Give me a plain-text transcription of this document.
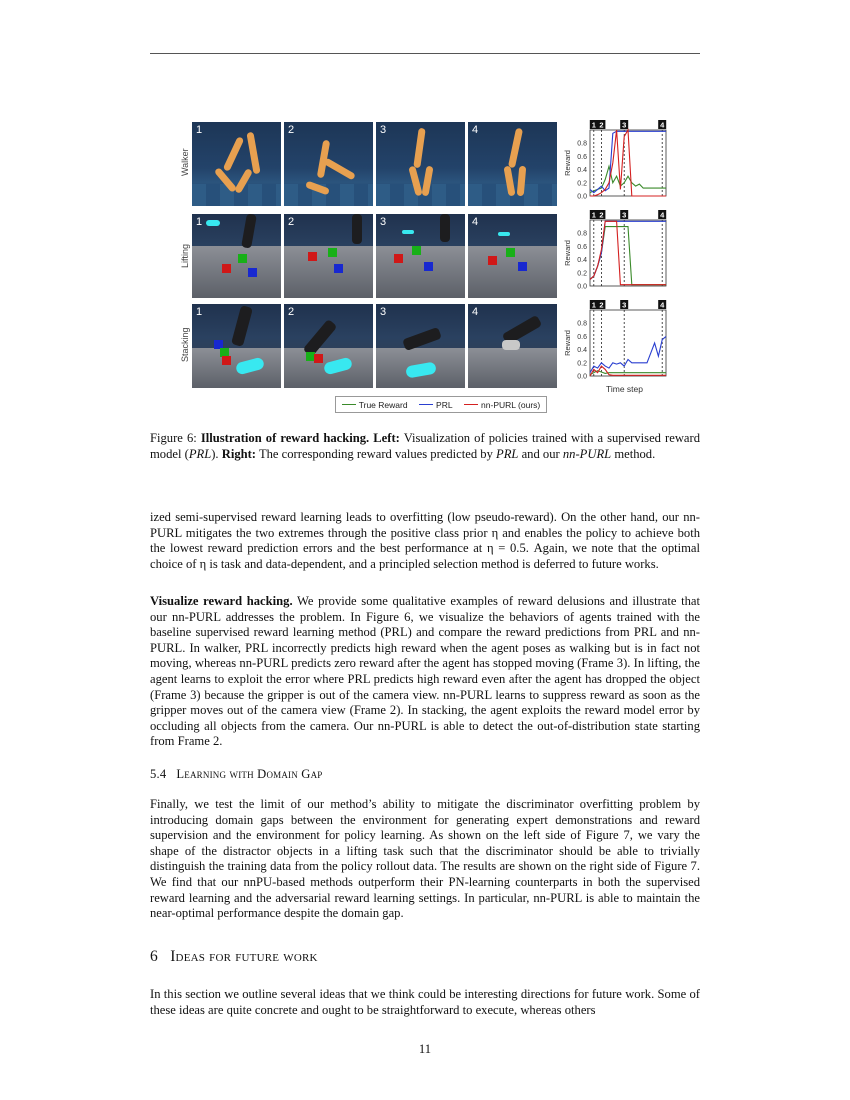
Walker
Lifting
Stacking
1	2	3	4
1	2	3	4
1	2	3	4
Reward
0.0
0.2
0.4
0.6
0.8
1 2 3	4
Reward
0.0
0.2
0.4
0.6
0.8
1 2 3	4
Reward
0.0
0.2
0.4
0.6
0.8
1 2 3	4
Time step
True Reward	PRL	nn-PURL (ours)
Figure 6: Illustration of reward hacking. Left: Visualization of policies trained with a supervised reward model (PRL). Right: The corresponding reward values predicted by PRL and our nn-PURL method.

ized semi-supervised reward learning leads to overfitting (low pseudo-reward). On the other hand, our nn-PURL mitigates the two extremes through the positive class prior η and enables the policy to achieve both the lowest reward prediction errors and the best performance at η = 0.5. Again, we note that the optimal choice of η is task and data-dependent, and a principled selection method is deferred to future works.

Visualize reward hacking. We provide some qualitative examples of reward delusions and illustrate that our nn-PURL addresses the problem. In Figure 6, we visualize the behaviors of agents trained with the baseline supervised reward learning method (PRL) and compare the reward predictions from PRL and nn-PURL. In walker, PRL incorrectly predicts high reward when the agent poses as walking but is in fact not moving, whereas nn-PURL predicts zero reward after the agent has stopped moving (Frame 3). In lifting, the agent learns to exploit the error where PRL predicts high reward even after the agent has dropped the object (Frame 3) because the gripper is out of the camera view. nn-PURL learns to suppress reward as soon as the gripper moves out of the camera view (Frame 2). In stacking, the agent exploits the reward model error by occluding all objects from the camera. Our nn-PURL is able to detect the out-of-distribution state starting from Frame 2.

5.4 Learning with Domain Gap

Finally, we test the limit of our method’s ability to mitigate the discriminator overfitting problem by introducing domain gaps between the environment for generating expert demonstrations and reward supervision and the environment for policy learning. As shown on the left side of Figure 7, we vary the shape of the distractor objects in a lifting task such that the discriminator should be able to trivially distinguish the training data from the policy rollout data. The results are shown on the right side of Figure 7. We find that our nnPU-based methods outperform their PN-learning counterparts in both the supervised reward learning and the adversarial reward learning settings. In particular, nn-PURL is able to maintain the near-optimal performance despite the domain gap.

6 Ideas for future work

In this section we outline several ideas that we think could be interesting directions for future work. Some of these ideas are quite concrete and ought to be straightforward to execute, whereas others

11
